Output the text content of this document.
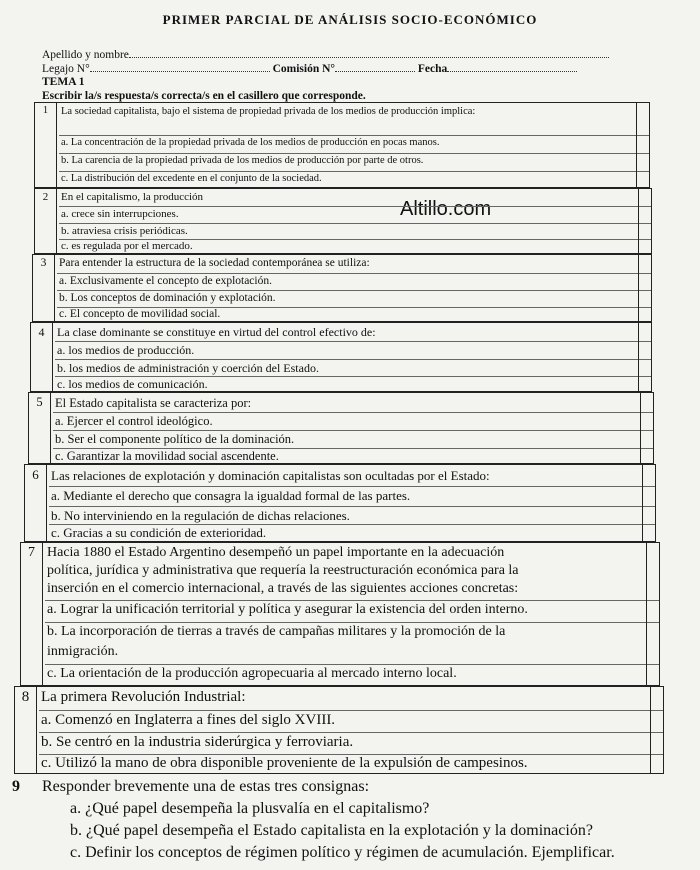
PRIMER PARCIAL DE ANÁLISIS SOCIO-ECONÓMICO
Apellido y nombre
Legajo N°	Comisión N°	Fecha
TEMA 1
Escribir la/s respuesta/s correcta/s en el casillero que corresponde.
Altillo.com
1	La sociedad capitalista, bajo el sistema de propiedad privada de los medios de producción implica:
a. La concentración de la propiedad privada de los medios de producción en pocas manos.
b. La carencia de la propiedad privada de los medios de producción por parte de otros.
c. La distribución del excedente en el conjunto de la sociedad.
2	En el capitalismo, la producción
a. crece sin interrupciones.
b. atraviesa crisis periódicas.
c. es regulada por el mercado.
3	Para entender la estructura de la sociedad contemporánea se utiliza:
a. Exclusivamente el concepto de explotación.
b. Los conceptos de dominación y explotación.
c. El concepto de movilidad social.
4	La clase dominante se constituye en virtud del control efectivo de:
a. los medios de producción.
b. los medios de administración y coerción del Estado.
c. los medios de comunicación.
5 El Estado capitalista se caracteriza por:
a. Ejercer el control ideológico.
b. Ser el componente político de la dominación.
c. Garantizar la movilidad social ascendente.
6 Las relaciones de explotación y dominación capitalistas son ocultadas por el Estado:
a. Mediante el derecho que consagra la igualdad formal de las partes.
b. No interviniendo en la regulación de dichas relaciones.
c. Gracias a su condición de exterioridad.
7 Hacia 1880 el Estado Argentino desempeñó un papel importante en la adecuación
política, jurídica y administrativa que requería la reestructuración económica para la
inserción en el comercio internacional, a través de las siguientes acciones concretas:
a. Lograr la unificación territorial y política y asegurar la existencia del orden interno.
b. La incorporación de tierras a través de campañas militares y la promoción de la
inmigración.
c. La orientación de la producción agropecuaria al mercado interno local.
8 La primera Revolución Industrial:
a. Comenzó en Inglaterra a fines del siglo XVIII.
b. Se centró en la industria siderúrgica y ferroviaria.
c. Utilizó la mano de obra disponible proveniente de la expulsión de campesinos.
9 Responder brevemente una de estas tres consignas:
a. ¿Qué papel desempeña la plusvalía en el capitalismo?
b. ¿Qué papel desempeña el Estado capitalista en la explotación y la dominación?
c. Definir los conceptos de régimen político y régimen de acumulación. Ejemplificar.
